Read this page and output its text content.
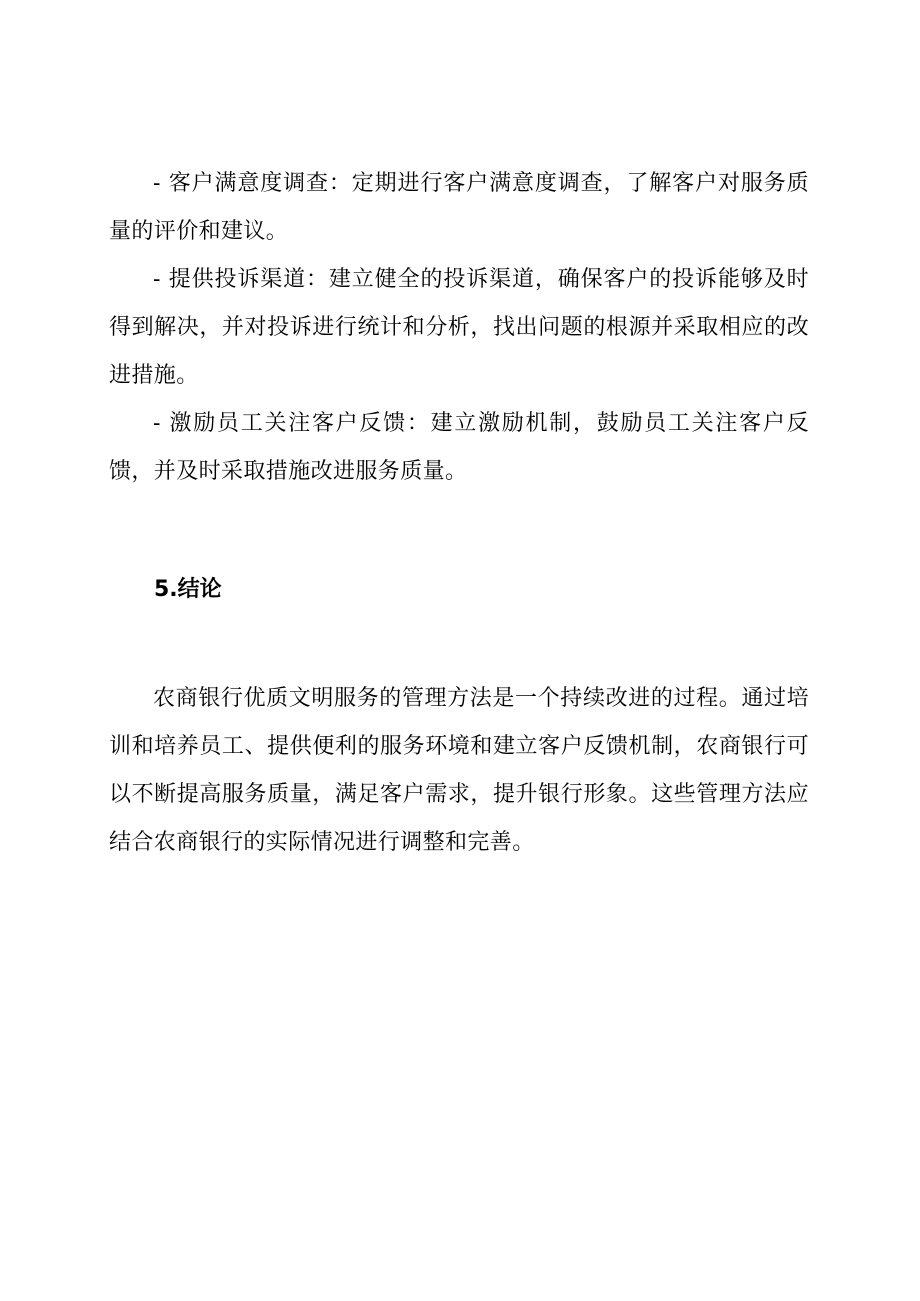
- 客户满意度调查：定期进行客户满意度调查，了解客户对服务质量的评价和建议。

- 提供投诉渠道：建立健全的投诉渠道，确保客户的投诉能够及时得到解决，并对投诉进行统计和分析，找出问题的根源并采取相应的改进措施。

- 激励员工关注客户反馈：建立激励机制，鼓励员工关注客户反馈，并及时采取措施改进服务质量。

5.结论

农商银行优质文明服务的管理方法是一个持续改进的过程。通过培训和培养员工、提供便利的服务环境和建立客户反馈机制，农商银行可以不断提高服务质量，满足客户需求，提升银行形象。这些管理方法应结合农商银行的实际情况进行调整和完善。
